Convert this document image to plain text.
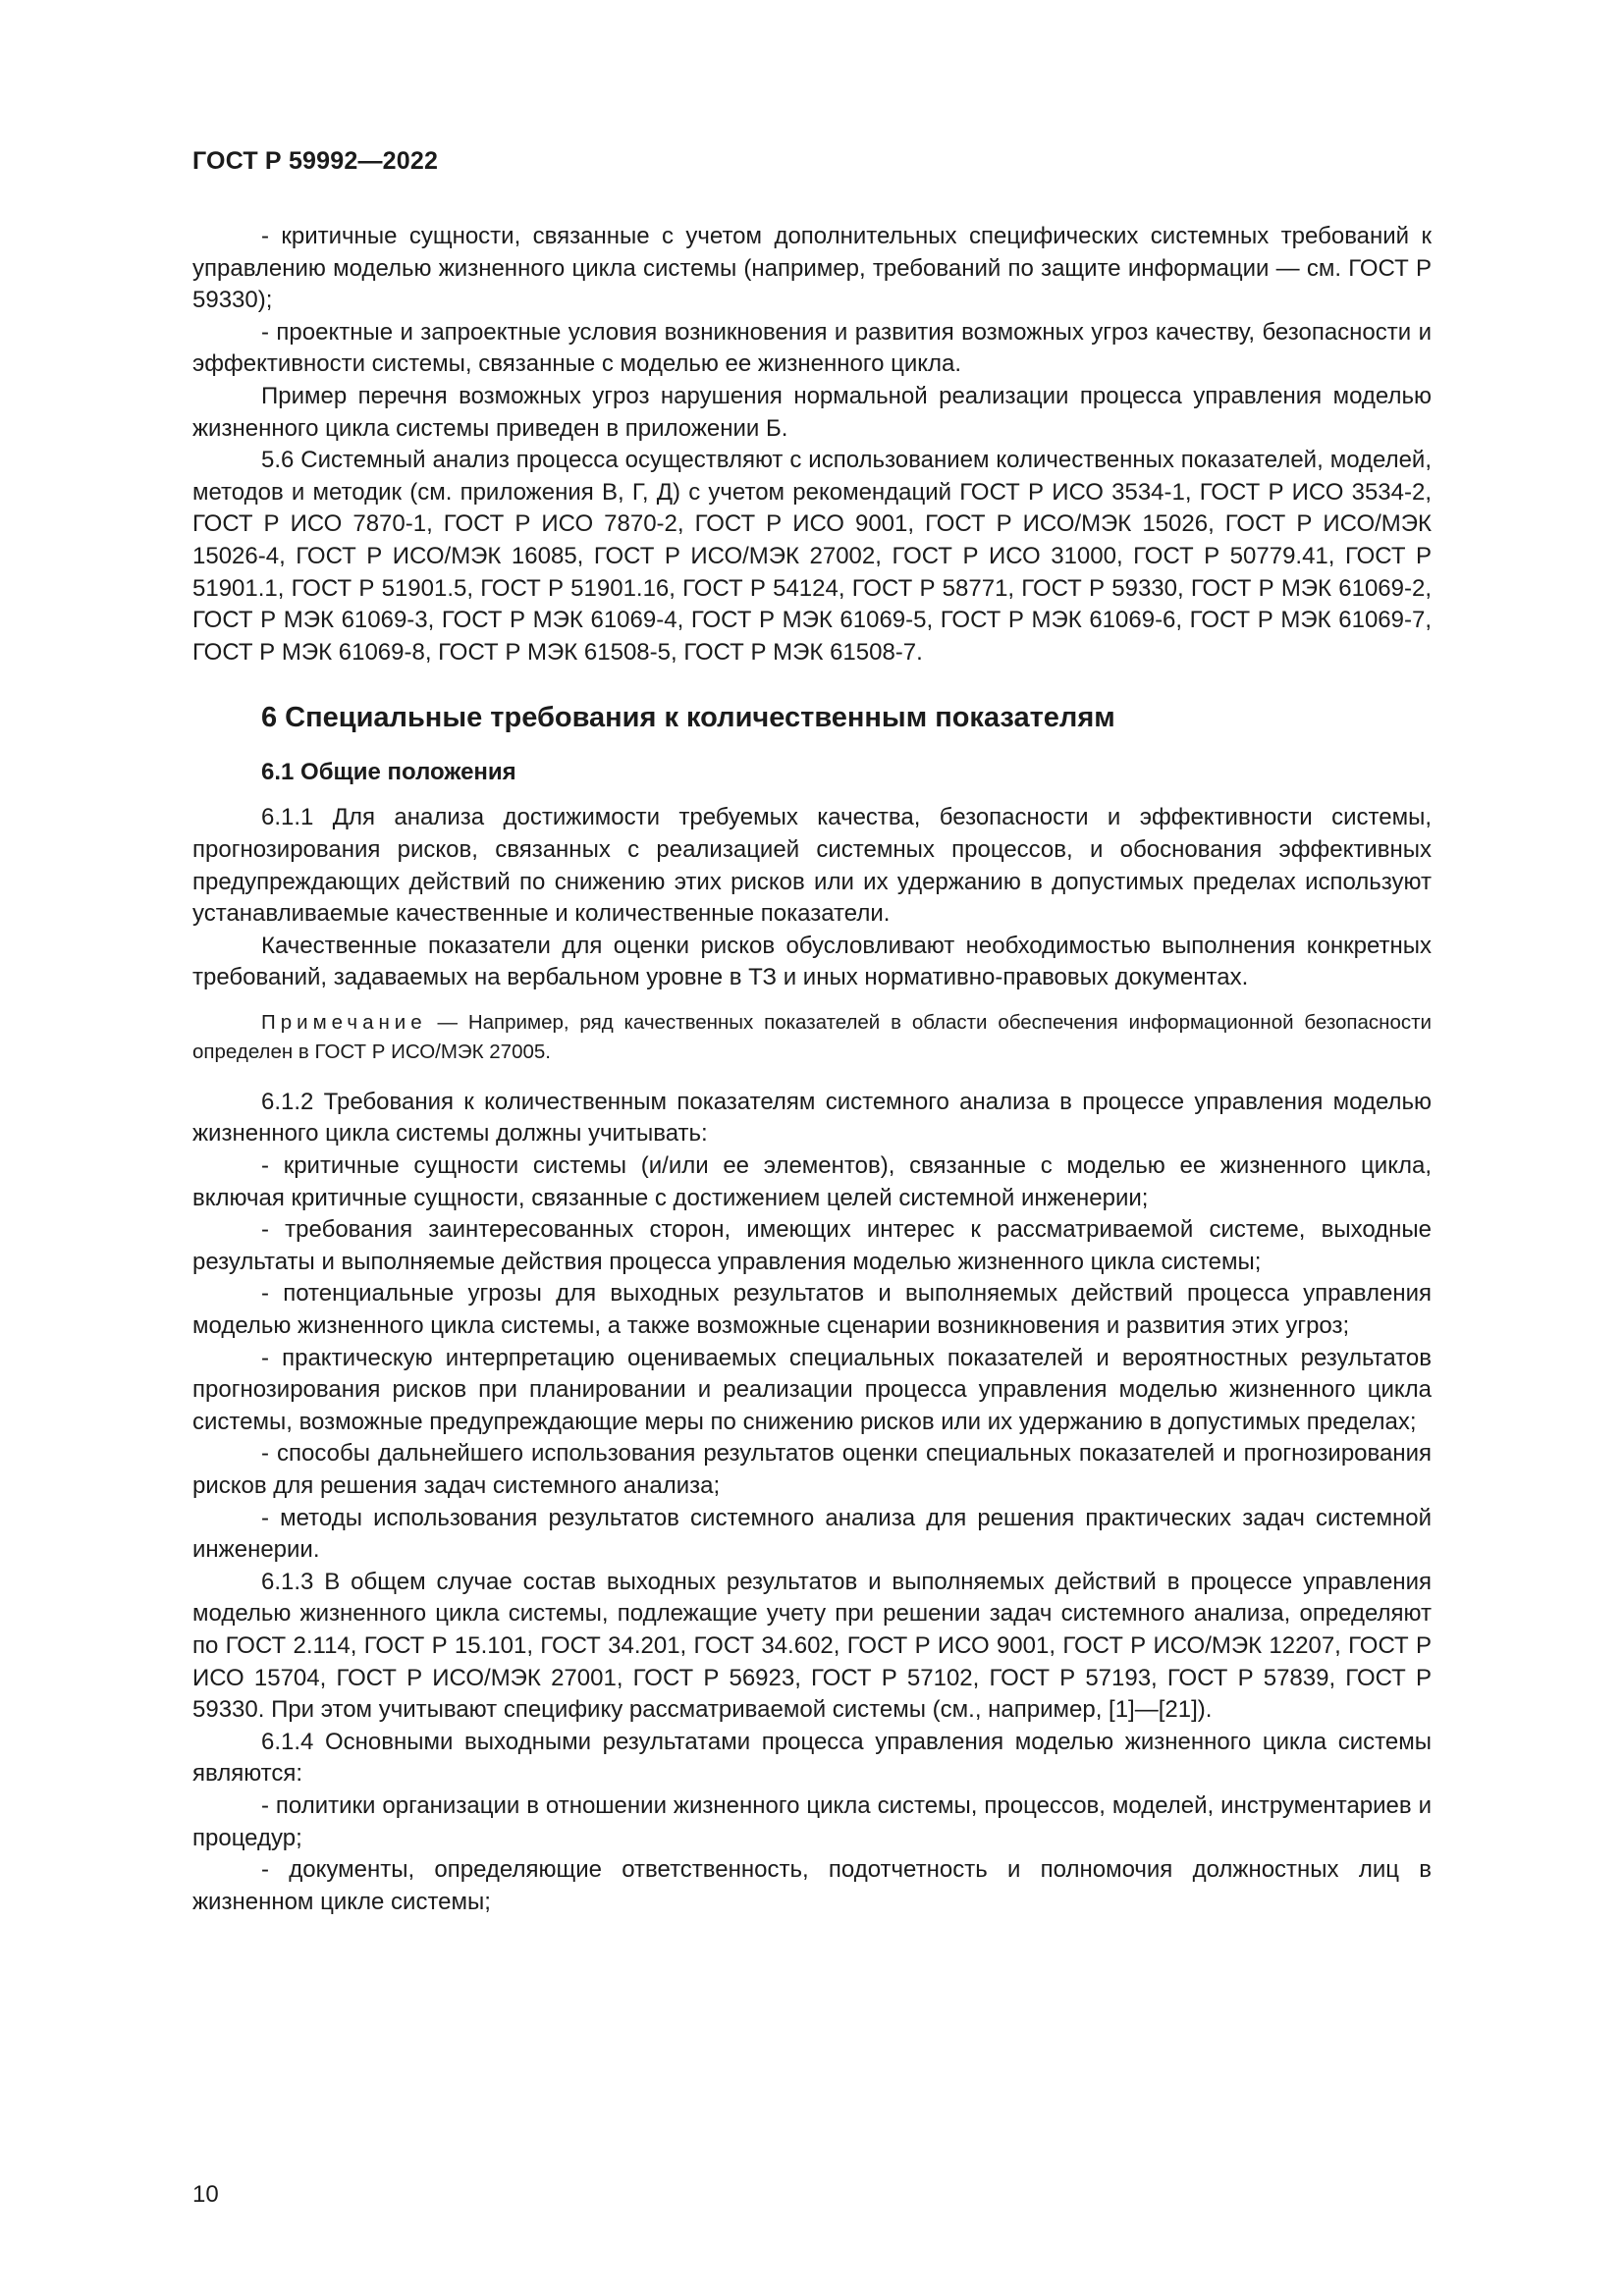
ГОСТ Р 59992—2022

- критичные сущности, связанные с учетом дополнительных специфических системных требований к управлению моделью жизненного цикла системы (например, требований по защите информации — см. ГОСТ Р 59330);

- проектные и запроектные условия возникновения и развития возможных угроз качеству, безопасности и эффективности системы, связанные с моделью ее жизненного цикла.

Пример перечня возможных угроз нарушения нормальной реализации процесса управления моделью жизненного цикла системы приведен в приложении Б.

5.6 Системный анализ процесса осуществляют с использованием количественных показателей, моделей, методов и методик (см. приложения В, Г, Д) с учетом рекомендаций ГОСТ Р ИСО 3534-1, ГОСТ Р ИСО 3534-2, ГОСТ Р ИСО 7870-1, ГОСТ Р ИСО 7870-2, ГОСТ Р ИСО 9001, ГОСТ Р ИСО/МЭК 15026, ГОСТ Р ИСО/МЭК 15026-4, ГОСТ Р ИСО/МЭК 16085, ГОСТ Р ИСО/МЭК 27002, ГОСТ Р ИСО 31000, ГОСТ Р 50779.41, ГОСТ Р 51901.1, ГОСТ Р 51901.5, ГОСТ Р 51901.16, ГОСТ Р 54124, ГОСТ Р 58771, ГОСТ Р 59330, ГОСТ Р МЭК 61069-2, ГОСТ Р МЭК 61069-3, ГОСТ Р МЭК 61069-4, ГОСТ Р МЭК 61069-5, ГОСТ Р МЭК 61069-6, ГОСТ Р МЭК 61069-7, ГОСТ Р МЭК 61069-8, ГОСТ Р МЭК 61508-5, ГОСТ Р МЭК 61508-7.

6 Специальные требования к количественным показателям
6.1 Общие положения

6.1.1 Для анализа достижимости требуемых качества, безопасности и эффективности системы, прогнозирования рисков, связанных с реализацией системных процессов, и обоснования эффективных предупреждающих действий по снижению этих рисков или их удержанию в допустимых пределах используют устанавливаемые качественные и количественные показатели.

Качественные показатели для оценки рисков обусловливают необходимостью выполнения конкретных требований, задаваемых на вербальном уровне в ТЗ и иных нормативно-правовых документах.

Примечание — Например, ряд качественных показателей в области обеспечения информационной безопасности определен в ГОСТ Р ИСО/МЭК 27005.

6.1.2 Требования к количественным показателям системного анализа в процессе управления моделью жизненного цикла системы должны учитывать:

- критичные сущности системы (и/или ее элементов), связанные с моделью ее жизненного цикла, включая критичные сущности, связанные с достижением целей системной инженерии;

- требования заинтересованных сторон, имеющих интерес к рассматриваемой системе, выходные результаты и выполняемые действия процесса управления моделью жизненного цикла системы;

- потенциальные угрозы для выходных результатов и выполняемых действий процесса управления моделью жизненного цикла системы, а также возможные сценарии возникновения и развития этих угроз;

- практическую интерпретацию оцениваемых специальных показателей и вероятностных результатов прогнозирования рисков при планировании и реализации процесса управления моделью жизненного цикла системы, возможные предупреждающие меры по снижению рисков или их удержанию в допустимых пределах;

- способы дальнейшего использования результатов оценки специальных показателей и прогнозирования рисков для решения задач системного анализа;

- методы использования результатов системного анализа для решения практических задач системной инженерии.

6.1.3 В общем случае состав выходных результатов и выполняемых действий в процессе управления моделью жизненного цикла системы, подлежащие учету при решении задач системного анализа, определяют по ГОСТ 2.114, ГОСТ Р 15.101, ГОСТ 34.201, ГОСТ 34.602, ГОСТ Р ИСО 9001, ГОСТ Р ИСО/МЭК 12207, ГОСТ Р ИСО 15704, ГОСТ Р ИСО/МЭК 27001, ГОСТ Р 56923, ГОСТ Р 57102, ГОСТ Р 57193, ГОСТ Р 57839, ГОСТ Р 59330. При этом учитывают специфику рассматриваемой системы (см., например, [1]—[21]).

6.1.4 Основными выходными результатами процесса управления моделью жизненного цикла системы являются:

- политики организации в отношении жизненного цикла системы, процессов, моделей, инструментариев и процедур;

- документы, определяющие ответственность, подотчетность и полномочия должностных лиц в жизненном цикле системы;

10
